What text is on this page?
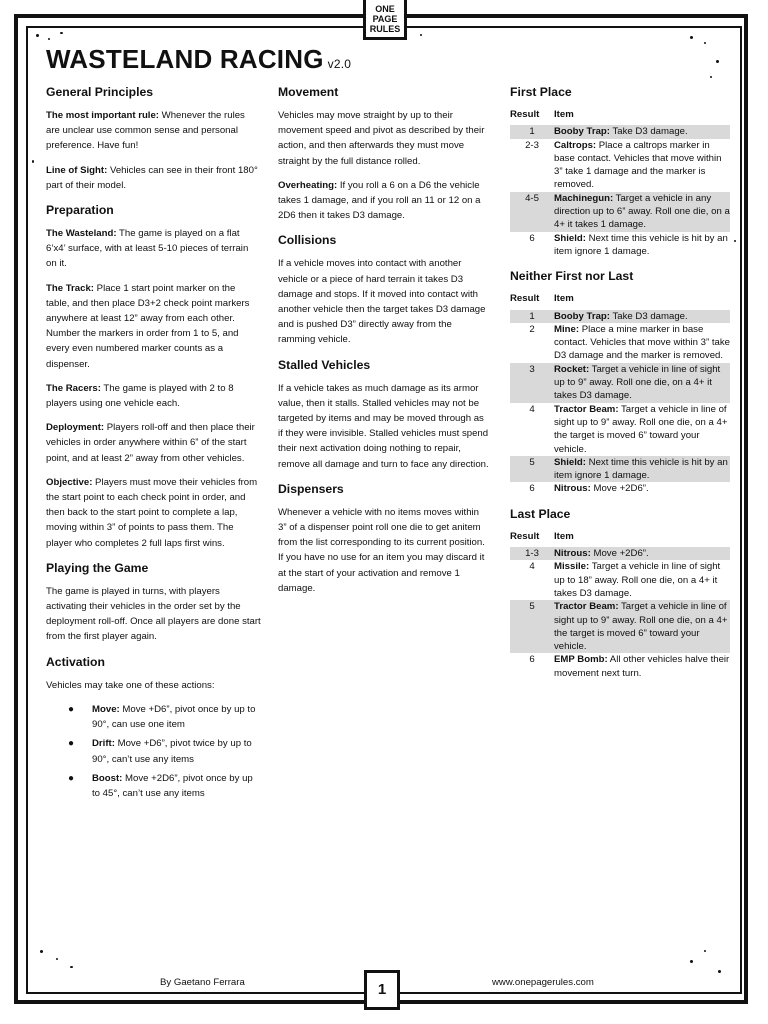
ONE
PAGE
RULES
WASTELAND RACING v2.0
General Principles

The most important rule: Whenever the rules are unclear use common sense and personal preference. Have fun!

Line of Sight: Vehicles can see in their front 180° part of their model.

Preparation

The Wasteland: The game is played on a flat 6’x4’ surface, with at least 5-10 pieces of terrain on it.

The Track: Place 1 start point marker on the table, and then place D3+2 check point markers anywhere at least 12” away from each other. Number the markers in order from 1 to 5, and every even numbered marker counts as a dispenser.

The Racers: The game is played with 2 to 8 players using one vehicle each.

Deployment: Players roll-off and then place their vehicles in order anywhere within 6” of the start point, and at least 2” away from other vehicles.

Objective: Players must move their vehicles from the start point to each check point in order, and then back to the start point to complete a lap, moving within 3” of points to pass them. The player who completes 2 full laps first wins.

Playing the Game

The game is played in turns, with players activating their vehicles in the order set by the deployment roll-off. Once all players are done start from the first player again.

Activation

Vehicles may take one of these actions:

● Move: Move +D6”, pivot once by up to 90°, can use one item
● Drift: Move +D6”, pivot twice by up to 90°, can’t use any items
● Boost: Move +2D6”, pivot once by up to 45°, can’t use any items
Movement

Vehicles may move straight by up to their movement speed and pivot as described by their action, and then afterwards they must move straight by the full distance rolled.

Overheating: If you roll a 6 on a D6 the vehicle takes 1 damage, and if you roll an 11 or 12 on a 2D6 then it takes D3 damage.

Collisions

If a vehicle moves into contact with another vehicle or a piece of hard terrain it takes D3 damage and stops. If it moved into contact with another vehicle then the target takes D3 damage and is pushed D3” directly away from the ramming vehicle.

Stalled Vehicles

If a vehicle takes as much damage as its armor value, then it stalls. Stalled vehicles may not be targeted by items and may be moved through as if they were invisible. Stalled vehicles must spend their next activation doing nothing to repair, remove all damage and turn to face any direction.

Dispensers

Whenever a vehicle with no items moves within 3” of a dispenser point roll one die to get anitem from the list corresponding to its current position. If you have no use for an item you may discard it at the start of your activation and remove 1 damage.

First Place
Result	Item
1	Booby Trap: Take D3 damage.
2-3	Caltrops: Place a caltrops marker in base contact. Vehicles that move within 3” take 1 damage and the marker is removed.
4-5	Machinegun: Target a vehicle in any direction up to 6” away. Roll one die, on a 4+ it takes 1 damage.
6	Shield: Next time this vehicle is hit by an item ignore 1 damage.
Neither First nor Last
Result	Item
1	Booby Trap: Take D3 damage.
2	Mine: Place a mine marker in base contact. Vehicles that move within 3” take D3 damage and the marker is removed.
3	Rocket: Target a vehicle in line of sight up to 9” away. Roll one die, on a 4+ it takes D3 damage.
4	Tractor Beam: Target a vehicle in line of sight up to 9” away. Roll one die, on a 4+ the target is moved 6” toward your vehicle.
5	Shield: Next time this vehicle is hit by an item ignore 1 damage.
6	Nitrous: Move +2D6”.
Last Place
Result	Item
1-3	Nitrous: Move +2D6”.
4	Missile: Target a vehicle in line of sight up to 18” away. Roll one die, on a 4+ it takes D3 damage.
5	Tractor Beam: Target a vehicle in line of sight up to 9” away. Roll one die, on a 4+ the target is moved 6” toward your vehicle.
6	EMP Bomb: All other vehicles halve their movement next turn.
By Gaetano Ferrara	www.onepagerules.com
1
